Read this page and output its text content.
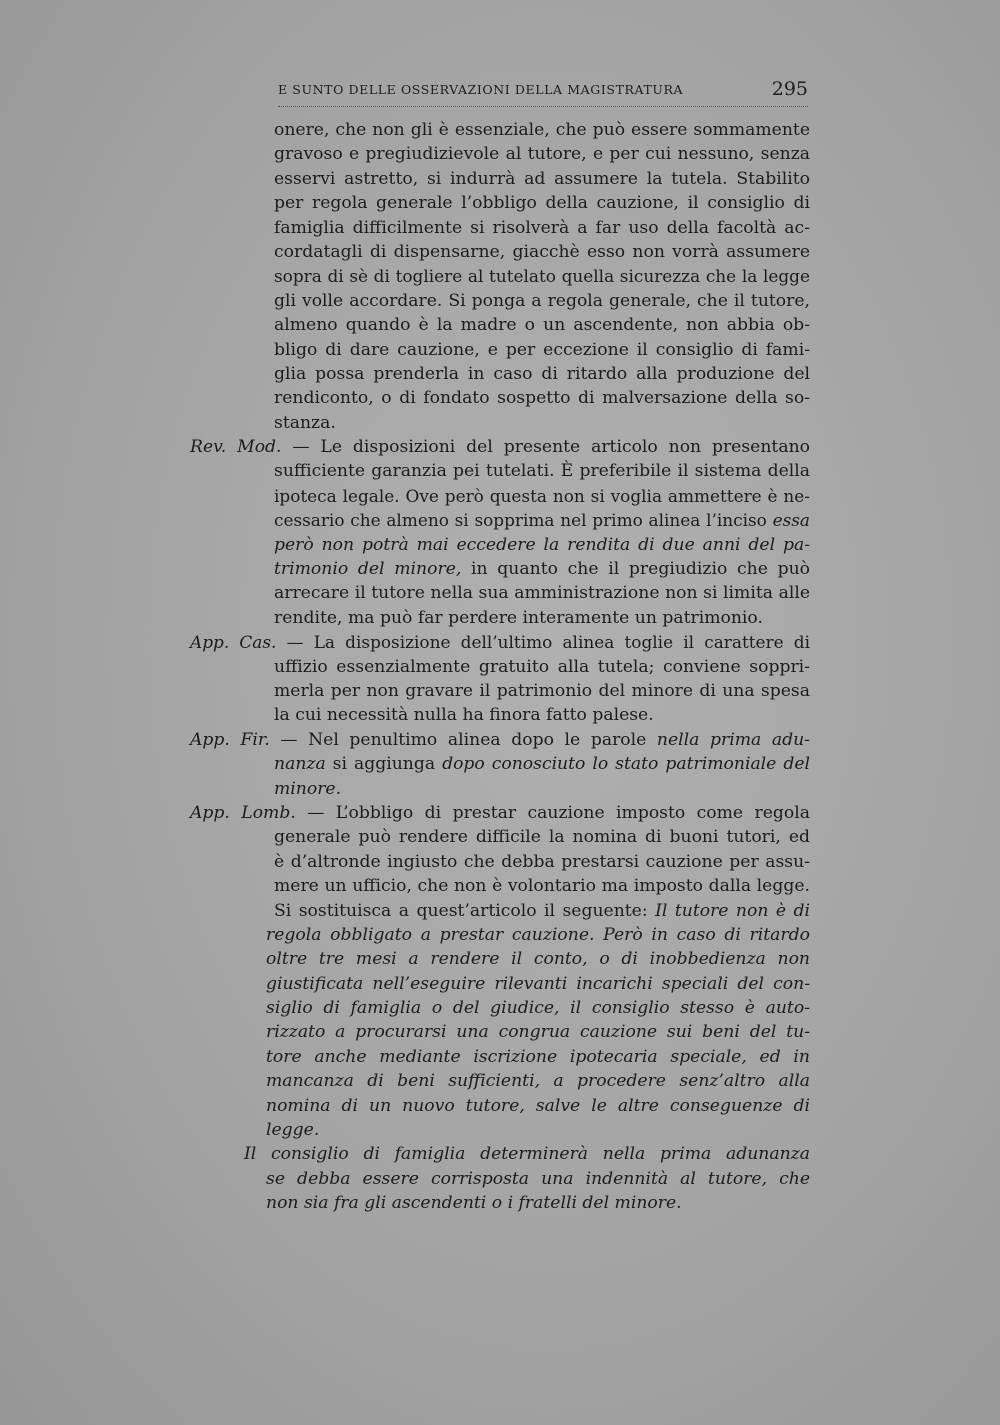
E SUNTO DELLE OSSERVAZIONI DELLA MAGISTRATURA	295
onere, che non gli è essenziale, che può essere sommamente
gravoso e pregiudizievole al tutore, e per cui nessuno, senza
esservi astretto, si indurrà ad assumere la tutela. Stabilito
per regola generale l’obbligo della cauzione, il consiglio di
famiglia difficilmente si risolverà a far uso della facoltà ac-
cordatagli di dispensarne, giacchè esso non vorrà assumere
sopra di sè di togliere al tutelato quella sicurezza che la legge
gli volle accordare. Si ponga a regola generale, che il tutore,
almeno quando è la madre o un ascendente, non abbia ob-
bligo di dare cauzione, e per eccezione il consiglio di fami-
glia possa prenderla in caso di ritardo alla produzione del
rendiconto, o di fondato sospetto di malversazione della so-
stanza.
Rev. Mod. — Le disposizioni del presente articolo non presentano
sufficiente garanzia pei tutelati. È preferibile il sistema della
ipoteca legale. Ove però questa non si voglia ammettere è ne-
cessario che almeno si sopprima nel primo alinea l’inciso essa
però non potrà mai eccedere la rendita di due anni del pa-
trimonio del minore, in quanto che il pregiudizio che può
arrecare il tutore nella sua amministrazione non si limita alle
rendite, ma può far perdere interamente un patrimonio.
App. Cas. — La disposizione dell’ultimo alinea toglie il carattere di
uffizio essenzialmente gratuito alla tutela; conviene soppri-
merla per non gravare il patrimonio del minore di una spesa
la cui necessità nulla ha finora fatto palese.
App. Fir. — Nel penultimo alinea dopo le parole nella prima adu-
nanza si aggiunga dopo conosciuto lo stato patrimoniale del
minore.
App. Lomb. — L’obbligo di prestar cauzione imposto come regola
generale può rendere difficile la nomina di buoni tutori, ed
è d’altronde ingiusto che debba prestarsi cauzione per assu-
mere un ufficio, che non è volontario ma imposto dalla legge.
Si sostituisca a quest’articolo il seguente: Il tutore non è di
regola obbligato a prestar cauzione. Però in caso di ritardo
oltre tre mesi a rendere il conto, o di inobbedienza non
giustificata nell’eseguire rilevanti incarichi speciali del con-
siglio di famiglia o del giudice, il consiglio stesso è auto-
rizzato a procurarsi una congrua cauzione sui beni del tu-
tore anche mediante iscrizione ipotecaria speciale, ed in
mancanza di beni sufficienti, a procedere senz’altro alla
nomina di un nuovo tutore, salve le altre conseguenze di
legge.
Il consiglio di famiglia determinerà nella prima adunanza
se debba essere corrisposta una indennità al tutore, che
non sia fra gli ascendenti o i fratelli del minore.
